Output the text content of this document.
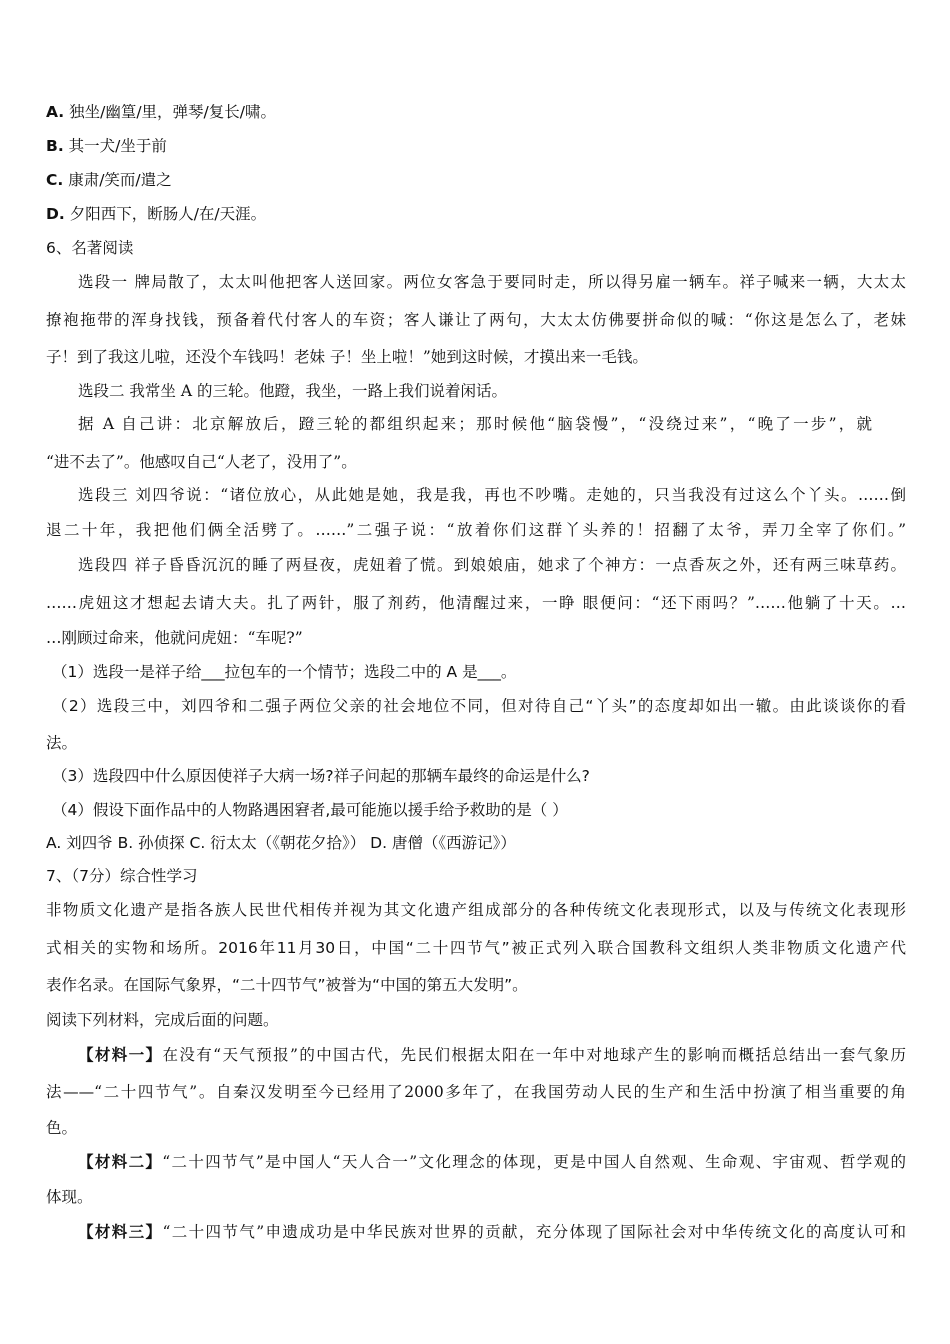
A. 独坐/幽篁/里，弹琴/复长/啸。

B. 其一犬/坐于前

C. 康肃/笑而/遣之

D. 夕阳西下，断肠人/在/天涯。

6、名著阅读

选段一 牌局散了，太太叫他把客人送回家。两位女客急于要同时走，所以得另雇一辆车。祥子喊来一辆，大太太

撩袍拖带的浑身找钱，预备着代付客人的车资；客人谦让了两句，大太太仿佛要拼命似的喊：“你这是怎么了，老妹

子！到了我这儿啦，还没个车钱吗！老妹 子！坐上啦！”她到这时候，才摸出来一毛钱。

选段二 我常坐 A 的三轮。他蹬，我坐，一路上我们说着闲话。

据 A 自己讲：北京解放后，蹬三轮的都组织起来；那时候他“脑袋慢”，“没绕过来”，“晚了一步”，就

“进不去了”。他感叹自己“人老了，没用了”。

选段三 刘四爷说：“诸位放心，从此她是她，我是我，再也不吵嘴。走她的，只当我没有过这么个丫头。……倒

退二十年，我把他们俩全活劈了。……”二强子说：“放着你们这群丫头养的！招翻了太爷，弄刀全宰了你们。”

选段四 祥子昏昏沉沉的睡了两昼夜，虎妞着了慌。到娘娘庙，她求了个神方：一点香灰之外，还有两三味草药。

……虎妞这才想起去请大夫。扎了两针，服了剂药，他清醒过来，一睁 眼便问：“还下雨吗？”……他躺了十天。…

…刚顾过命来，他就问虎妞：“车呢?”

（1）选段一是祥子给___拉包车的一个情节；选段二中的 A 是___。

（2）选段三中，刘四爷和二强子两位父亲的社会地位不同，但对待自己“丫头”的态度却如出一辙。由此谈谈你的看

法。

（3）选段四中什么原因使祥子大病一场?祥子问起的那辆车最终的命运是什么?

（4）假设下面作品中的人物路遇困窘者,最可能施以援手给予救助的是（ ）

A. 刘四爷 B. 孙侦探 C. 衍太太（《朝花夕拾》） D. 唐僧（《西游记》）

7、（7分）综合性学习

非物质文化遗产是指各族人民世代相传并视为其文化遗产组成部分的各种传统文化表现形式，以及与传统文化表现形

式相关的实物和场所。2016年11月30日，中国“二十四节气”被正式列入联合国教科文组织人类非物质文化遗产代

表作名录。在国际气象界，“二十四节气”被誉为“中国的第五大发明”。

阅读下列材料，完成后面的问题。

【材料一】在没有“天气预报”的中国古代，先民们根据太阳在一年中对地球产生的影响而概括总结出一套气象历

法——“二十四节气”。自秦汉发明至今已经用了2000多年了，在我国劳动人民的生产和生活中扮演了相当重要的角

色。

【材料二】“二十四节气”是中国人“天人合一”文化理念的体现，更是中国人自然观、生命观、宇宙观、哲学观的

体现。

【材料三】“二十四节气”申遗成功是中华民族对世界的贡献，充分体现了国际社会对中华传统文化的高度认可和
